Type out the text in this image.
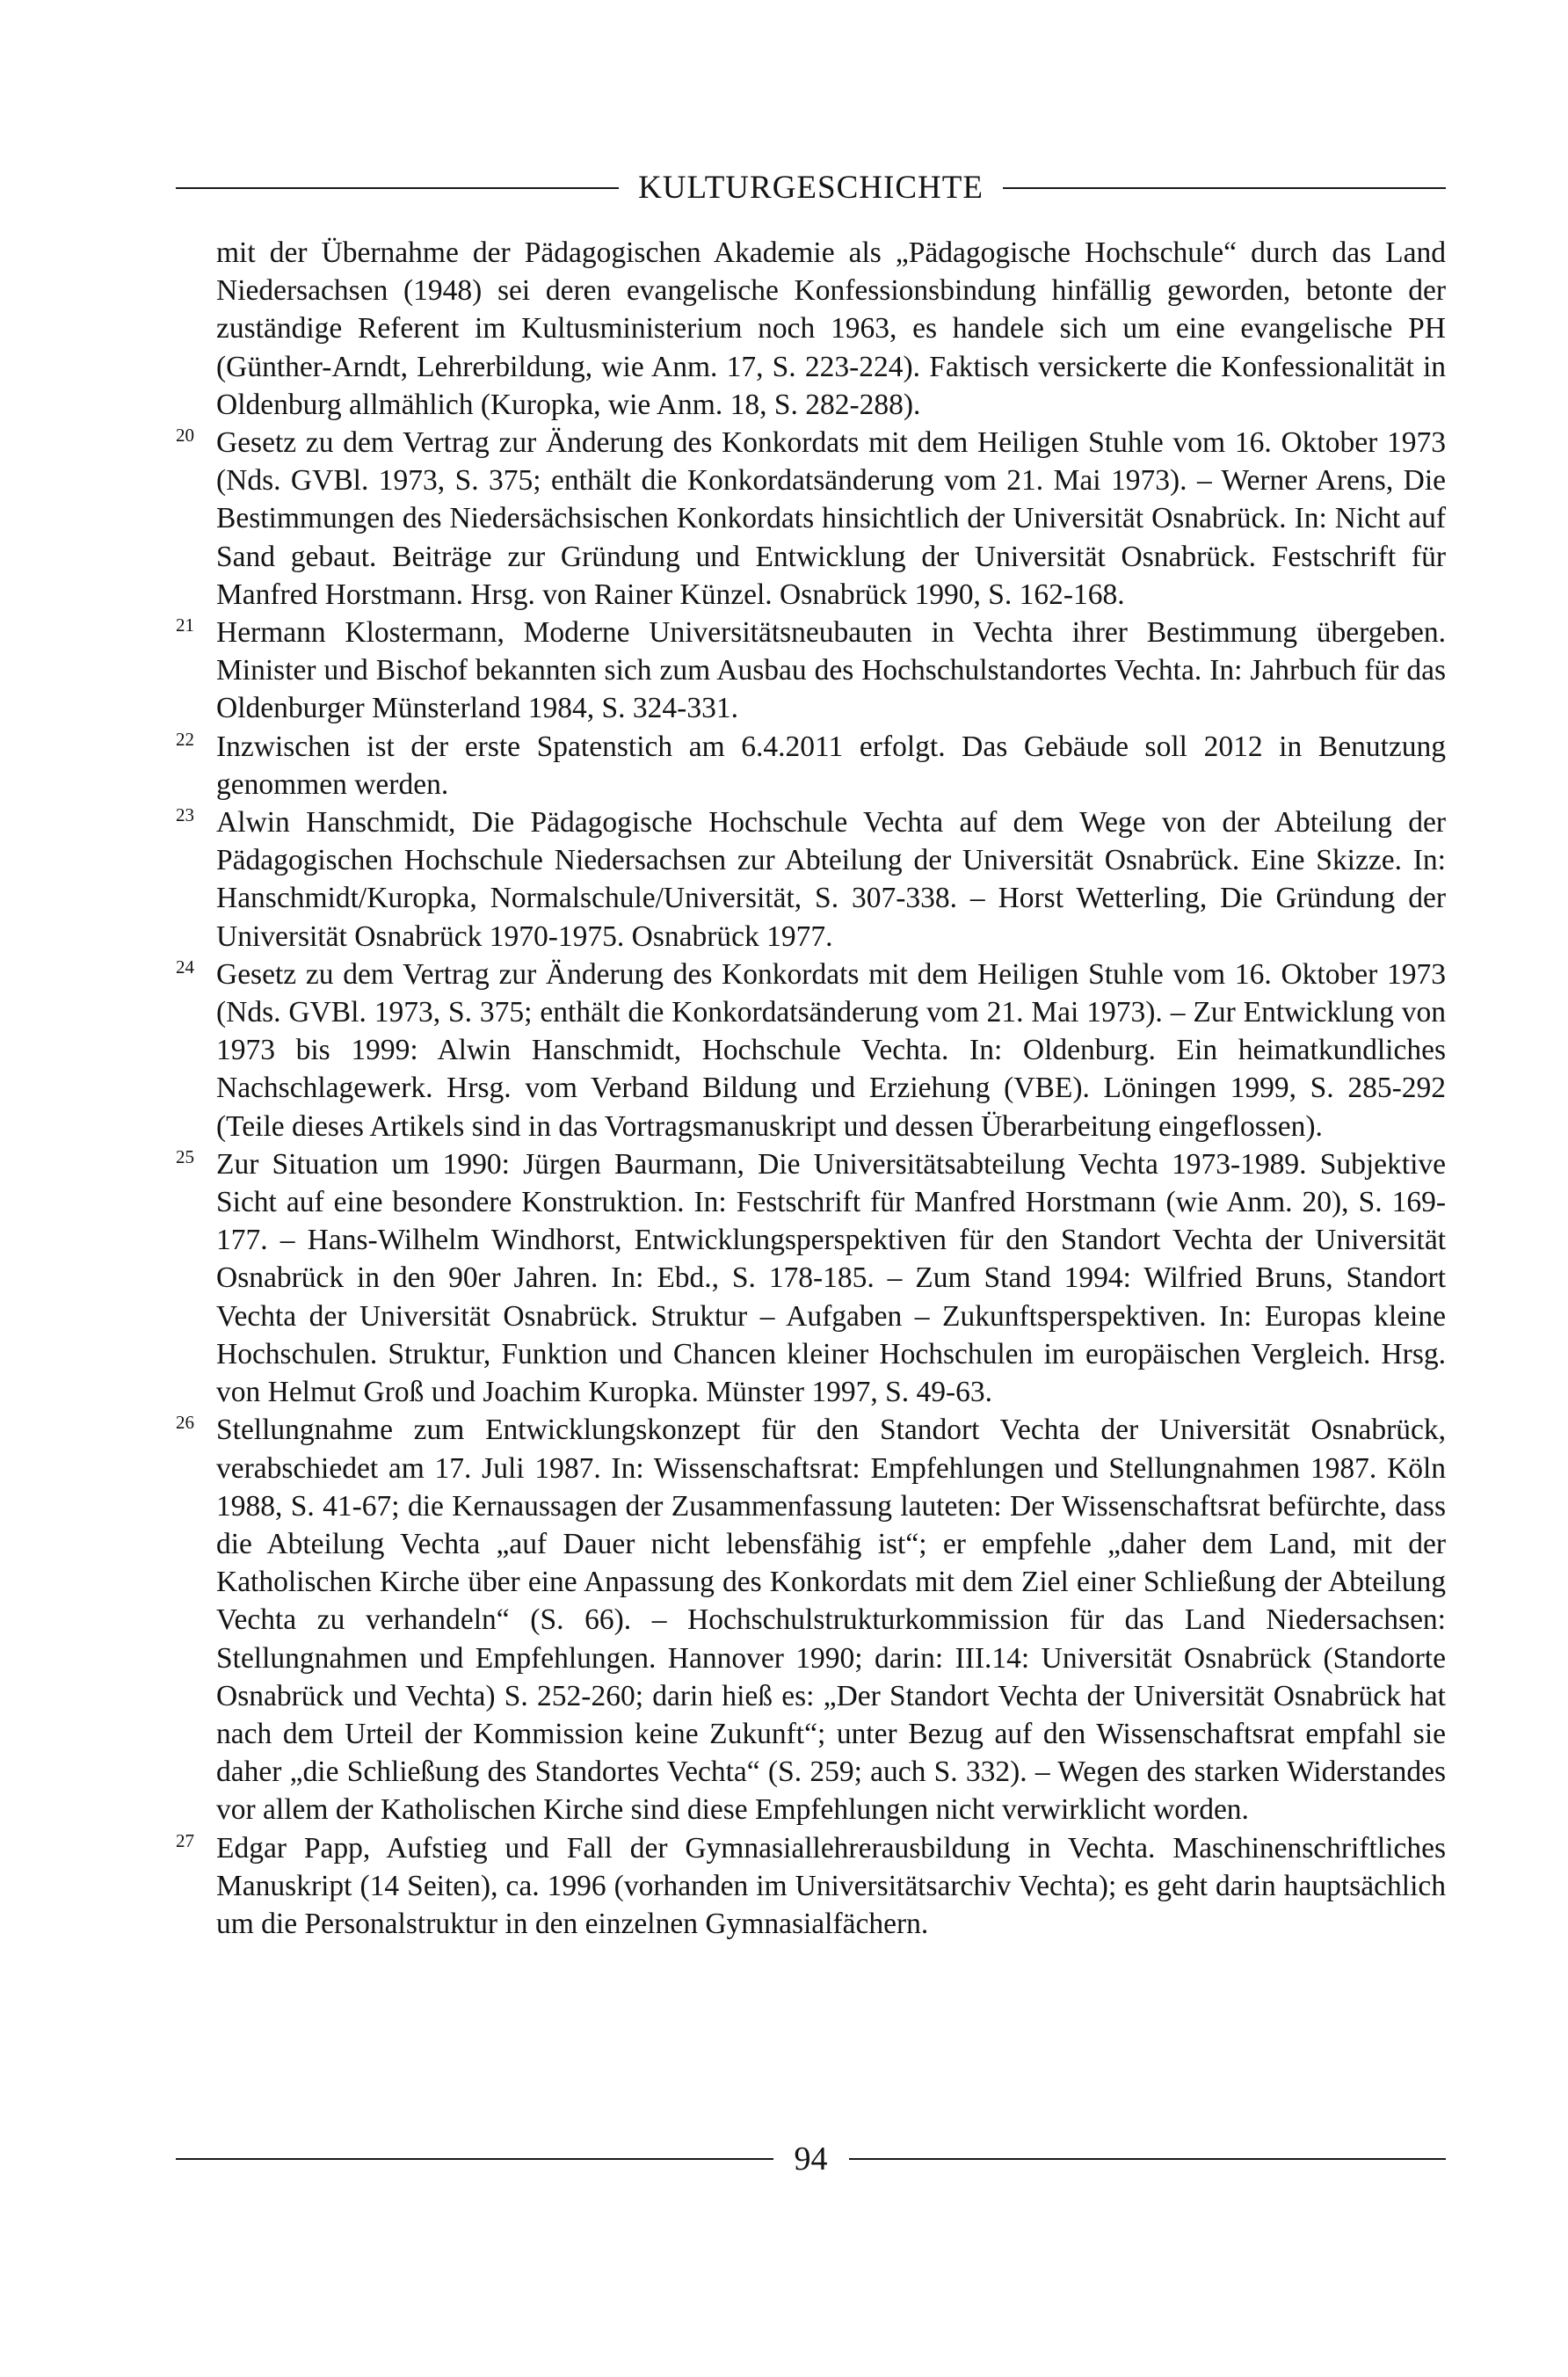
KULTURGESCHICHTE

mit der Übernahme der Pädagogischen Akademie als „Pädagogische Hochschule“ durch das Land Niedersachsen (1948) sei deren evangelische Konfessionsbindung hinfällig geworden, betonte der zuständige Referent im Kultusministerium noch 1963, es handele sich um eine evangelische PH (Günther-Arndt, Lehrerbildung, wie Anm. 17, S. 223-224). Faktisch versickerte die Konfessionalität in Oldenburg allmählich (Kuropka, wie Anm. 18, S. 282-288).

20 Gesetz zu dem Vertrag zur Änderung des Konkordats mit dem Heiligen Stuhle vom 16. Oktober 1973 (Nds. GVBl. 1973, S. 375; enthält die Konkordatsänderung vom 21. Mai 1973). – Werner Arens, Die Bestimmungen des Niedersächsischen Konkordats hinsichtlich der Universität Osnabrück. In: Nicht auf Sand gebaut. Beiträge zur Gründung und Entwicklung der Universität Osnabrück. Festschrift für Manfred Horstmann. Hrsg. von Rainer Künzel. Osnabrück 1990, S. 162-168.
21 Hermann Klostermann, Moderne Universitätsneubauten in Vechta ihrer Bestimmung übergeben. Minister und Bischof bekannten sich zum Ausbau des Hochschulstandortes Vechta. In: Jahrbuch für das Oldenburger Münsterland 1984, S. 324-331.
22 Inzwischen ist der erste Spatenstich am 6.4.2011 erfolgt. Das Gebäude soll 2012 in Benutzung genommen werden.
23 Alwin Hanschmidt, Die Pädagogische Hochschule Vechta auf dem Wege von der Abteilung der Pädagogischen Hochschule Niedersachsen zur Abteilung der Universität Osnabrück. Eine Skizze. In: Hanschmidt/Kuropka, Normalschule/Universität, S. 307-338. – Horst Wetterling, Die Gründung der Universität Osnabrück 1970-1975. Osnabrück 1977.
24 Gesetz zu dem Vertrag zur Änderung des Konkordats mit dem Heiligen Stuhle vom 16. Oktober 1973 (Nds. GVBl. 1973, S. 375; enthält die Konkordatsänderung vom 21. Mai 1973). – Zur Entwicklung von 1973 bis 1999: Alwin Hanschmidt, Hochschule Vechta. In: Oldenburg. Ein heimatkundliches Nachschlagewerk. Hrsg. vom Verband Bildung und Erziehung (VBE). Löningen 1999, S. 285-292 (Teile dieses Artikels sind in das Vortragsmanuskript und dessen Überarbeitung eingeflossen).
25 Zur Situation um 1990: Jürgen Baurmann, Die Universitätsabteilung Vechta 1973-1989. Subjektive Sicht auf eine besondere Konstruktion. In: Festschrift für Manfred Horstmann (wie Anm. 20), S. 169-177. – Hans-Wilhelm Windhorst, Entwicklungsperspektiven für den Standort Vechta der Universität Osnabrück in den 90er Jahren. In: Ebd., S. 178-185. – Zum Stand 1994: Wilfried Bruns, Standort Vechta der Universität Osnabrück. Struktur – Aufgaben – Zukunftsperspektiven. In: Europas kleine Hochschulen. Struktur, Funktion und Chancen kleiner Hochschulen im europäischen Vergleich. Hrsg. von Helmut Groß und Joachim Kuropka. Münster 1997, S. 49-63.
26 Stellungnahme zum Entwicklungskonzept für den Standort Vechta der Universität Osnabrück, verabschiedet am 17. Juli 1987. In: Wissenschaftsrat: Empfehlungen und Stellungnahmen 1987. Köln 1988, S. 41-67; die Kernaussagen der Zusammenfassung lauteten: Der Wissenschaftsrat befürchte, dass die Abteilung Vechta „auf Dauer nicht lebensfähig ist“; er empfehle „daher dem Land, mit der Katholischen Kirche über eine Anpassung des Konkordats mit dem Ziel einer Schließung der Abteilung Vechta zu verhandeln“ (S. 66). – Hochschulstrukturkommission für das Land Niedersachsen: Stellungnahmen und Empfehlungen. Hannover 1990; darin: III.14: Universität Osnabrück (Standorte Osnabrück und Vechta) S. 252-260; darin hieß es: „Der Standort Vechta der Universität Osnabrück hat nach dem Urteil der Kommission keine Zukunft“; unter Bezug auf den Wissenschaftsrat empfahl sie daher „die Schließung des Standortes Vechta“ (S. 259; auch S. 332). – Wegen des starken Widerstandes vor allem der Katholischen Kirche sind diese Empfehlungen nicht verwirklicht worden.
27 Edgar Papp, Aufstieg und Fall der Gymnasiallehrerausbildung in Vechta. Maschinenschriftliches Manuskript (14 Seiten), ca. 1996 (vorhanden im Universitätsarchiv Vechta); es geht darin hauptsächlich um die Personalstruktur in den einzelnen Gymnasialfächern.
94
